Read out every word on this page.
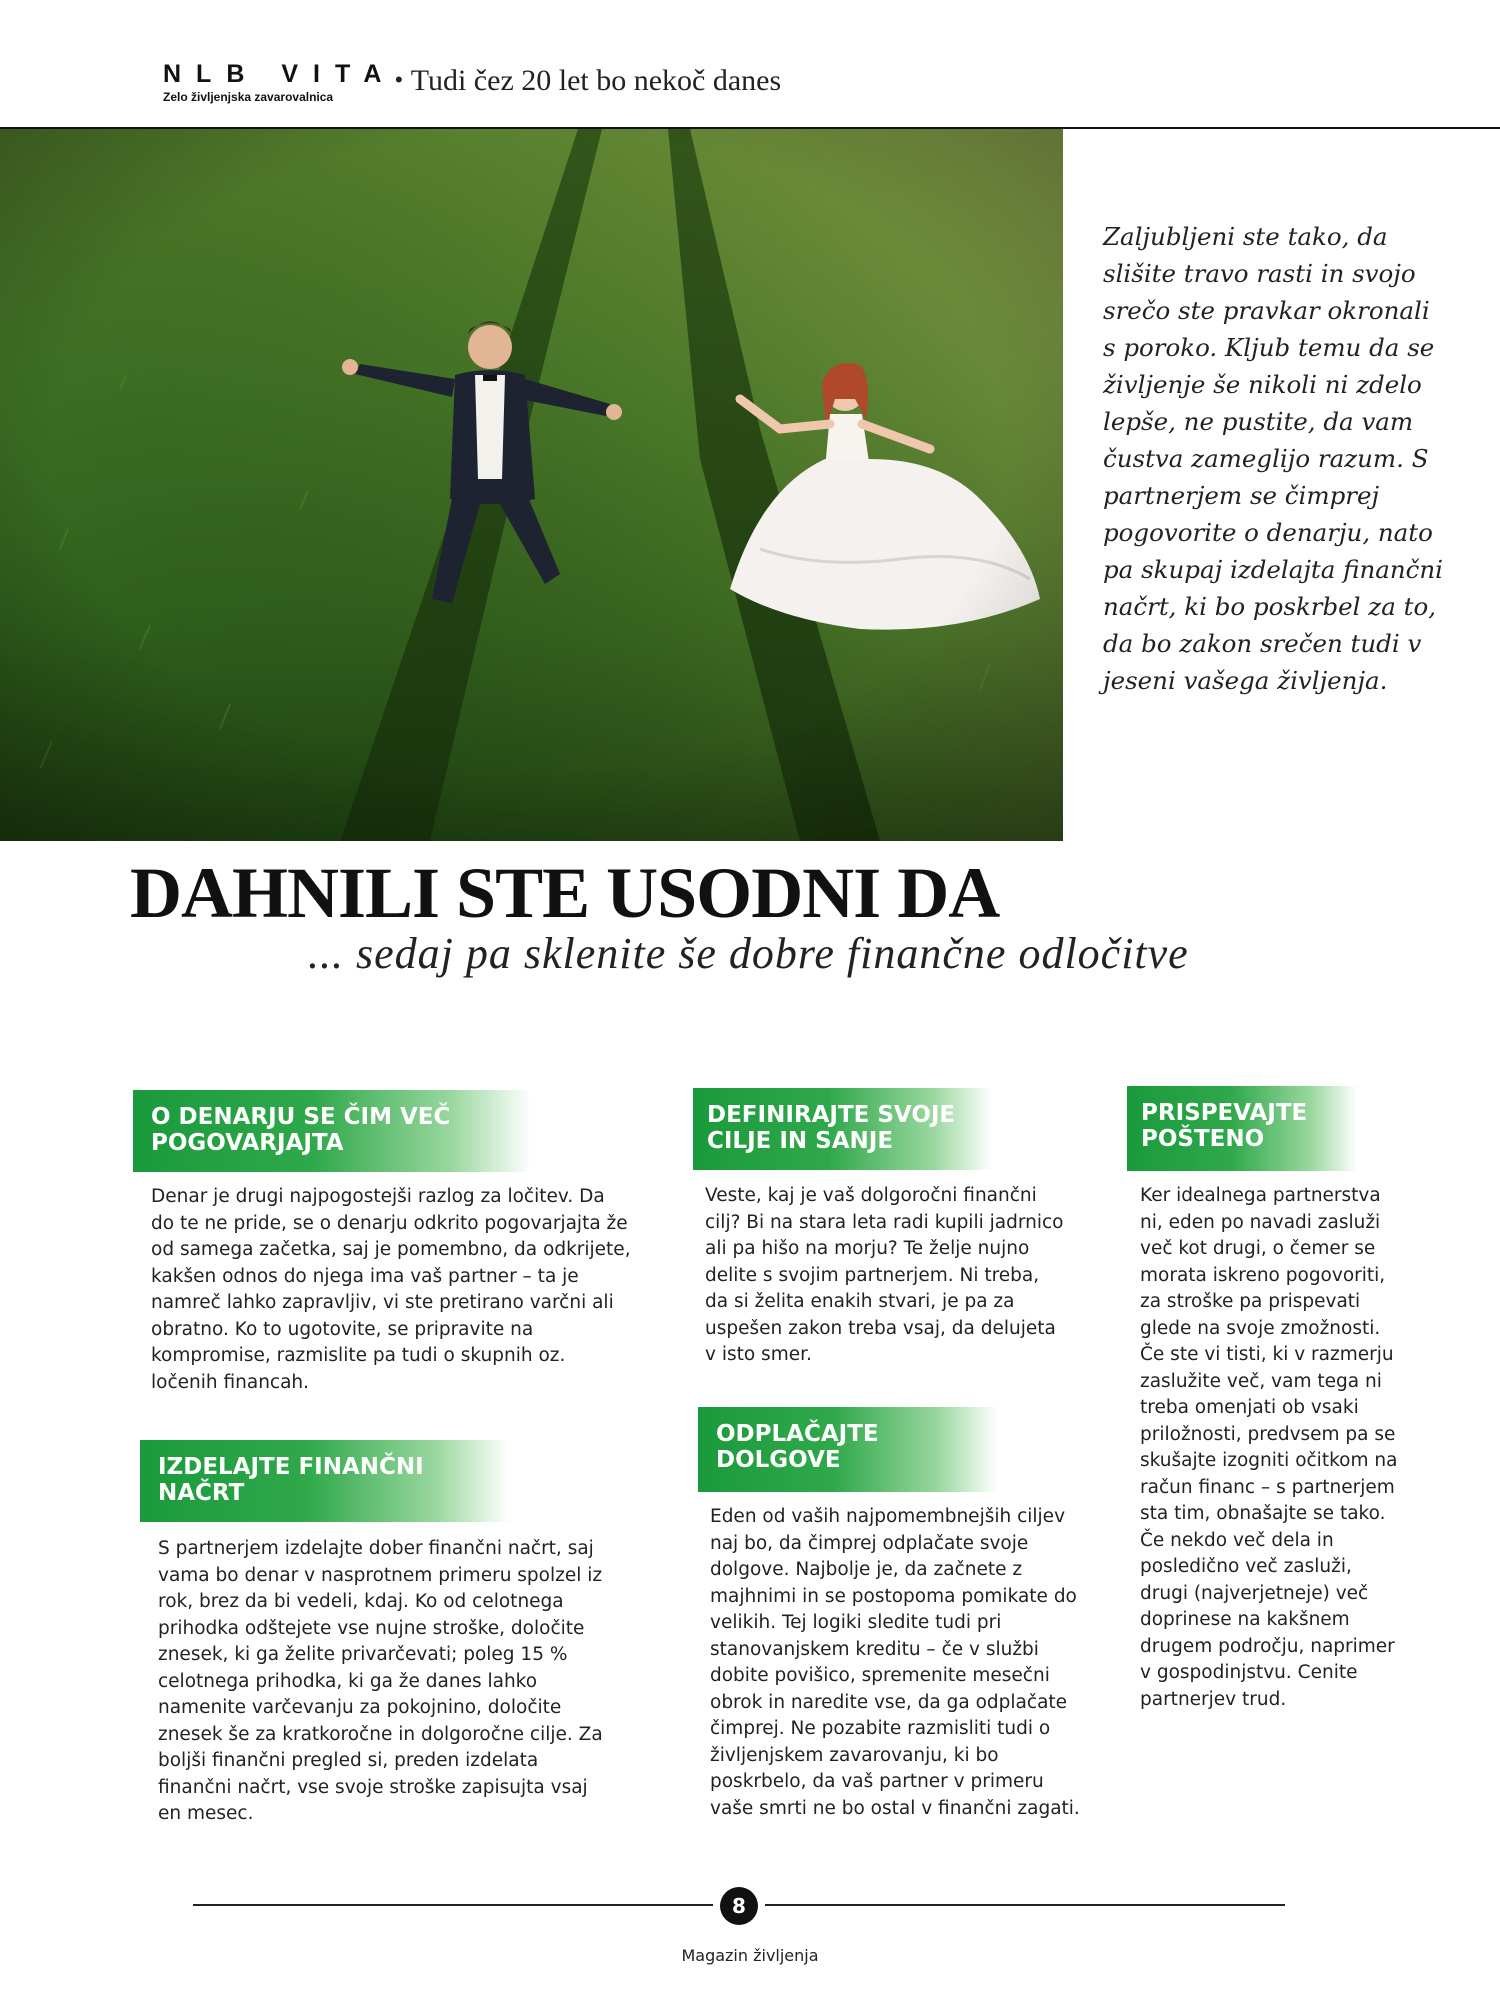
NLB VITA
Zelo življenjska zavarovalnica
• Tudi čez 20 let bo nekoč danes
Zaljubljeni ste tako, da slišite travo rasti in svojo srečo ste pravkar okronali s poroko. Kljub temu da se življenje še nikoli ni zdelo lepše, ne pustite, da vam čustva zameglijo razum. S partnerjem se čimprej pogovorite o denarju, nato pa skupaj izdelajta finančni načrt, ki bo poskrbel za to, da bo zakon srečen tudi v jeseni vašega življenja.
DAHNILI STE USODNI DA
... sedaj pa sklenite še dobre finančne odločitve
O DENARJU SE ČIM VEČ POGOVARJAJTA

Denar je drugi najpogostejši razlog za ločitev. Da do te ne pride, se o denarju odkrito pogovarjajta že od samega začetka, saj je pomembno, da odkrijete, kakšen odnos do njega ima vaš partner – ta je namreč lahko zapravljiv, vi ste pretirano varčni ali obratno. Ko to ugotovite, se pripravite na kompromise, razmislite pa tudi o skupnih oz. ločenih financah.

IZDELAJTE FINANČNI NAČRT

S partnerjem izdelajte dober finančni načrt, saj vama bo denar v nasprotnem primeru spolzel iz rok, brez da bi vedeli, kdaj. Ko od celotnega prihodka odštejete vse nujne stroške, določite znesek, ki ga želite privarčevati; poleg 15 % celotnega prihodka, ki ga že danes lahko namenite varčevanju za pokojnino, določite znesek še za kratkoročne in dolgoročne cilje. Za boljši finančni pregled si, preden izdelata finančni načrt, vse svoje stroške zapisujta vsaj en mesec.

DEFINIRAJTE SVOJE CILJE IN SANJE

Veste, kaj je vaš dolgoročni finančni cilj? Bi na stara leta radi kupili jadrnico ali pa hišo na morju? Te želje nujno delite s svojim partnerjem. Ni treba, da si želita enakih stvari, je pa za uspešen zakon treba vsaj, da delujeta v isto smer.

ODPLAČAJTE DOLGOVE

Eden od vaših najpomembnejših ciljev naj bo, da čimprej odplačate svoje dolgove. Najbolje je, da začnete z majhnimi in se postopoma pomikate do velikih. Tej logiki sledite tudi pri stanovanjskem kreditu – če v službi dobite povišico, spremenite mesečni obrok in naredite vse, da ga odplačate čimprej. Ne pozabite razmisliti tudi o življenjskem zavarovanju, ki bo poskrbelo, da vaš partner v primeru vaše smrti ne bo ostal v finančni zagati.

PRISPEVAJTE POŠTENO

Ker idealnega partnerstva ni, eden po navadi zasluži več kot drugi, o čemer se morata iskreno pogovoriti, za stroške pa prispevati glede na svoje zmožnosti. Če ste vi tisti, ki v razmerju zaslužite več, vam tega ni treba omenjati ob vsaki priložnosti, predvsem pa se skušajte izogniti očitkom na račun financ – s partnerjem sta tim, obnašajte se tako. Če nekdo več dela in posledično več zasluži, drugi (najverjetneje) več doprinese na kakšnem drugem področju, naprimer v gospodinjstvu. Cenite partnerjev trud.

8
Magazin življenja
